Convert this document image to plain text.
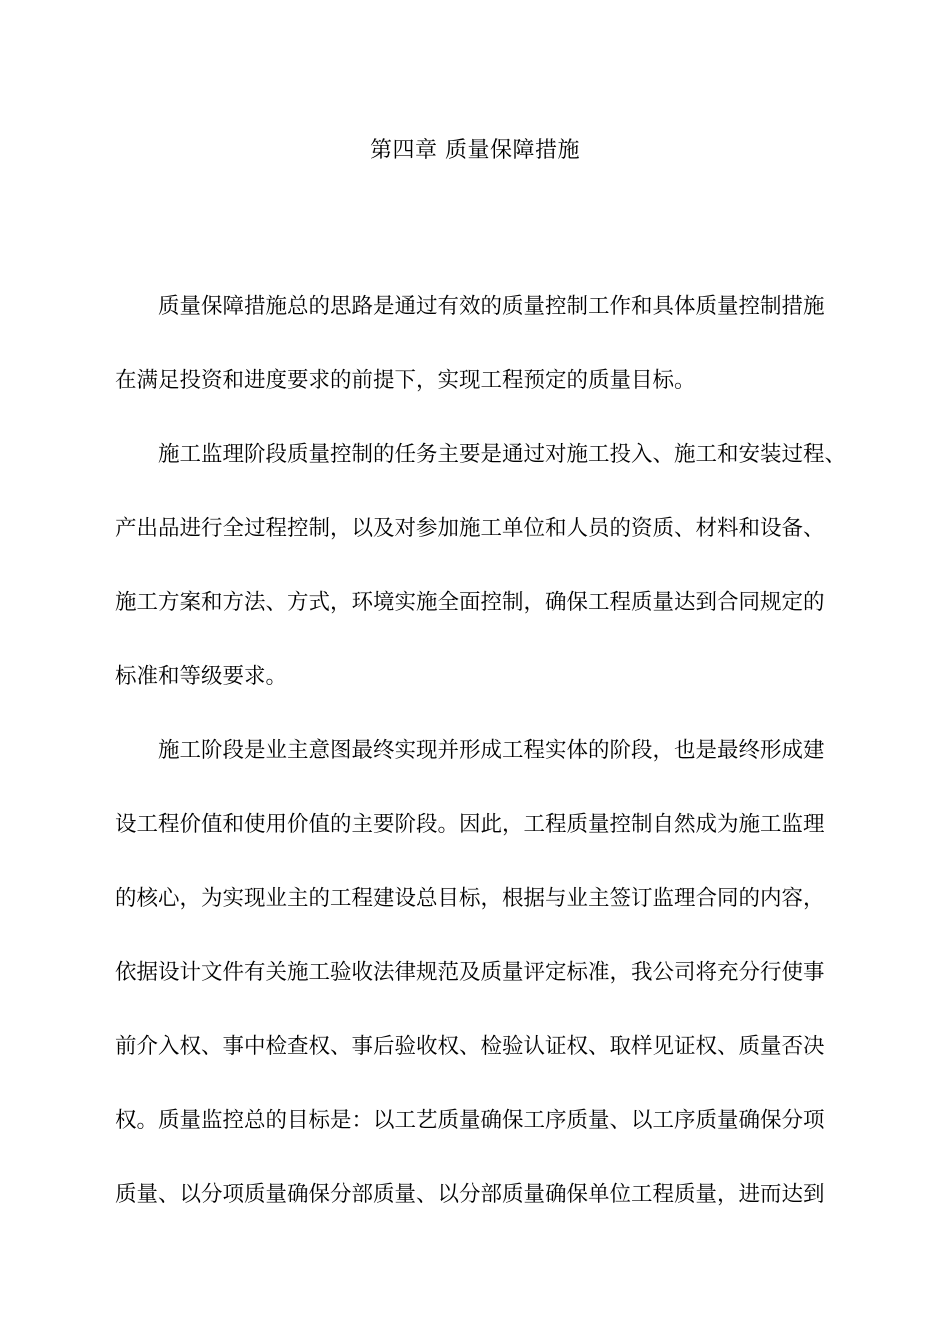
第四章 质量保障措施
质量保障措施总的思路是通过有效的质量控制工作和具体质量控制措施
在满足投资和进度要求的前提下，实现工程预定的质量目标。
施工监理阶段质量控制的任务主要是通过对施工投入、施工和安装过程、
产出品进行全过程控制，以及对参加施工单位和人员的资质、材料和设备、
施工方案和方法、方式，环境实施全面控制，确保工程质量达到合同规定的
标准和等级要求。
施工阶段是业主意图最终实现并形成工程实体的阶段，也是最终形成建
设工程价值和使用价值的主要阶段。因此，工程质量控制自然成为施工监理
的核心，为实现业主的工程建设总目标，根据与业主签订监理合同的内容，
依据设计文件有关施工验收法律规范及质量评定标准，我公司将充分行使事
前介入权、事中检查权、事后验收权、检验认证权、取样见证权、质量否决
权。质量监控总的目标是：以工艺质量确保工序质量、以工序质量确保分项
质量、以分项质量确保分部质量、以分部质量确保单位工程质量，进而达到
